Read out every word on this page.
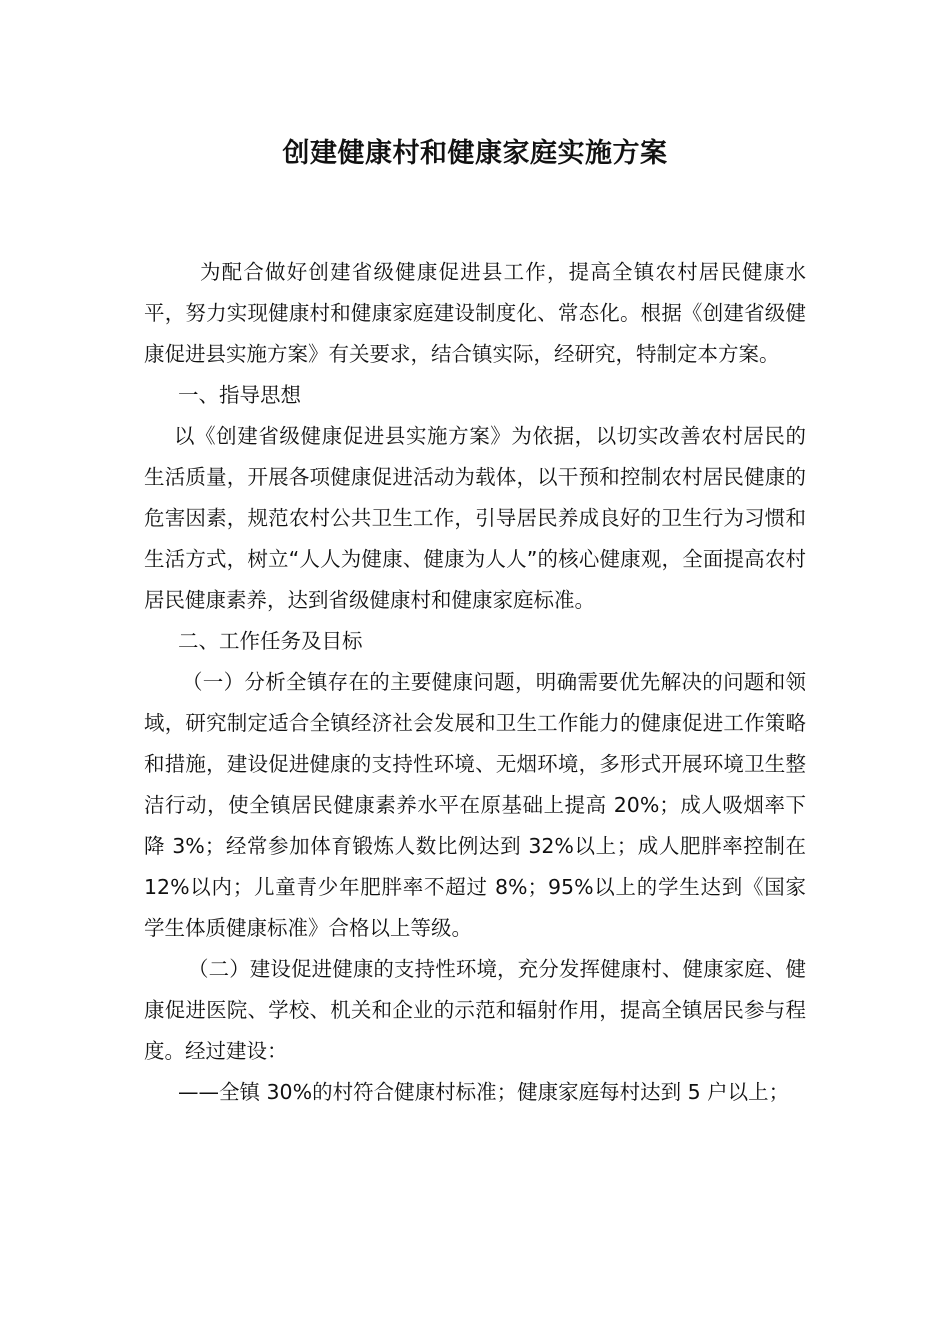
创建健康村和健康家庭实施方案

为配合做好创建省级健康促进县工作，提高全镇农村居民健康水平，努力实现健康村和健康家庭建设制度化、常态化。根据《创建省级健康促进县实施方案》有关要求，结合镇实际，经研究，特制定本方案。

一、指导思想

以《创建省级健康促进县实施方案》为依据，以切实改善农村居民的生活质量，开展各项健康促进活动为载体，以干预和控制农村居民健康的危害因素，规范农村公共卫生工作，引导居民养成良好的卫生行为习惯和生活方式，树立“人人为健康、健康为人人”的核心健康观，全面提高农村居民健康素养，达到省级健康村和健康家庭标准。

二、工作任务及目标

（一）分析全镇存在的主要健康问题，明确需要优先解决的问题和领域，研究制定适合全镇经济社会发展和卫生工作能力的健康促进工作策略和措施，建设促进健康的支持性环境、无烟环境，多形式开展环境卫生整洁行动，使全镇居民健康素养水平在原基础上提高 20%；成人吸烟率下降 3%；经常参加体育锻炼人数比例达到 32%以上；成人肥胖率控制在 12%以内；儿童青少年肥胖率不超过 8%；95%以上的学生达到《国家学生体质健康标准》合格以上等级。

（二）建设促进健康的支持性环境，充分发挥健康村、健康家庭、健康促进医院、学校、机关和企业的示范和辐射作用，提高全镇居民参与程度。经过建设：

——全镇 30%的村符合健康村标准；健康家庭每村达到 5 户以上；
